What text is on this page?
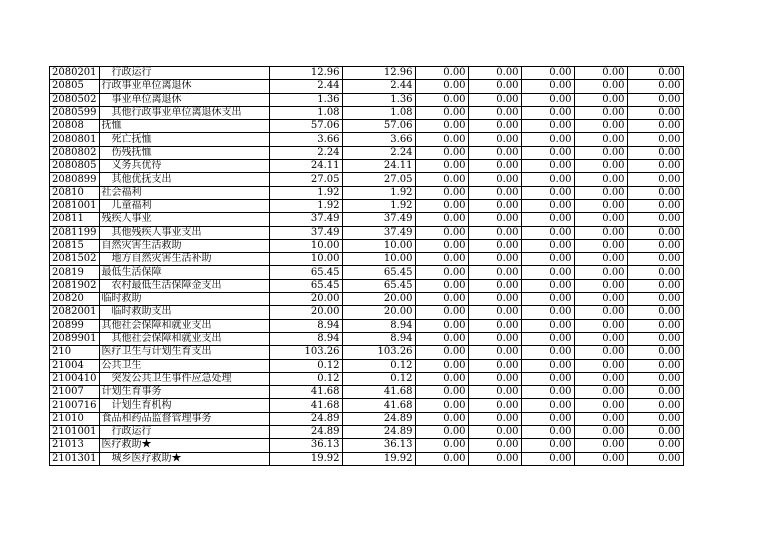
2080201	行政运行	12.96	12.96	0.00	0.00	0.00	0.00	0.00
20805	行政事业单位离退休	2.44	2.44	0.00	0.00	0.00	0.00	0.00
2080502	事业单位离退休	1.36	1.36	0.00	0.00	0.00	0.00	0.00
2080599	其他行政事业单位离退休支出	1.08	1.08	0.00	0.00	0.00	0.00	0.00
20808	抚恤	57.06	57.06	0.00	0.00	0.00	0.00	0.00
2080801	死亡抚恤	3.66	3.66	0.00	0.00	0.00	0.00	0.00
2080802	伤残抚恤	2.24	2.24	0.00	0.00	0.00	0.00	0.00
2080805	义务兵优待	24.11	24.11	0.00	0.00	0.00	0.00	0.00
2080899	其他优抚支出	27.05	27.05	0.00	0.00	0.00	0.00	0.00
20810	社会福利	1.92	1.92	0.00	0.00	0.00	0.00	0.00
2081001	儿童福利	1.92	1.92	0.00	0.00	0.00	0.00	0.00
20811	残疾人事业	37.49	37.49	0.00	0.00	0.00	0.00	0.00
2081199	其他残疾人事业支出	37.49	37.49	0.00	0.00	0.00	0.00	0.00
20815	自然灾害生活救助	10.00	10.00	0.00	0.00	0.00	0.00	0.00
2081502	地方自然灾害生活补助	10.00	10.00	0.00	0.00	0.00	0.00	0.00
20819	最低生活保障	65.45	65.45	0.00	0.00	0.00	0.00	0.00
2081902	农村最低生活保障金支出	65.45	65.45	0.00	0.00	0.00	0.00	0.00
20820	临时救助	20.00	20.00	0.00	0.00	0.00	0.00	0.00
2082001	临时救助支出	20.00	20.00	0.00	0.00	0.00	0.00	0.00
20899	其他社会保障和就业支出	8.94	8.94	0.00	0.00	0.00	0.00	0.00
2089901	其他社会保障和就业支出	8.94	8.94	0.00	0.00	0.00	0.00	0.00
210	医疗卫生与计划生育支出	103.26	103.26	0.00	0.00	0.00	0.00	0.00
21004	公共卫生	0.12	0.12	0.00	0.00	0.00	0.00	0.00
2100410	突发公共卫生事件应急处理	0.12	0.12	0.00	0.00	0.00	0.00	0.00
21007	计划生育事务	41.68	41.68	0.00	0.00	0.00	0.00	0.00
2100716	计划生育机构	41.68	41.68	0.00	0.00	0.00	0.00	0.00
21010	食品和药品监督管理事务	24.89	24.89	0.00	0.00	0.00	0.00	0.00
2101001	行政运行	24.89	24.89	0.00	0.00	0.00	0.00	0.00
21013	医疗救助★	36.13	36.13	0.00	0.00	0.00	0.00	0.00
2101301	城乡医疗救助★	19.92	19.92	0.00	0.00	0.00	0.00	0.00
